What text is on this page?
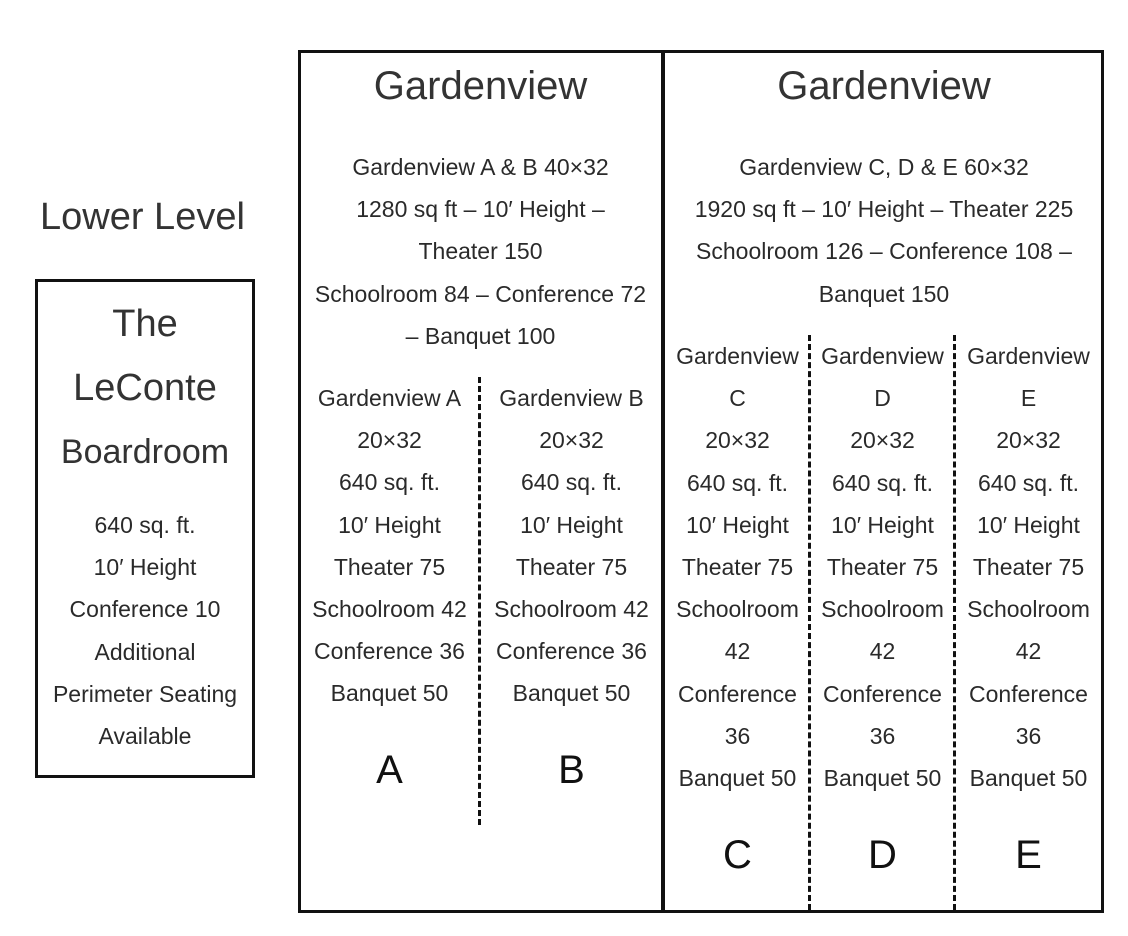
Lower Level
The
LeConte
Boardroom
640 sq. ft.
10′ Height
Conference 10
Additional
Perimeter Seating
Available
Gardenview
Gardenview A & B 40×32
1280 sq ft – 10′ Height –
Theater 150
Schoolroom 84 – Conference 72
– Banquet 100
Gardenview A
20×32
640 sq. ft.
10′ Height
Theater 75
Schoolroom 42
Conference 36
Banquet 50
Gardenview B
20×32
640 sq. ft.
10′ Height
Theater 75
Schoolroom 42
Conference 36
Banquet 50
A	B
Gardenview
Gardenview C, D & E 60×32
1920 sq ft – 10′ Height – Theater 225
Schoolroom 126 – Conference 108 –
Banquet 150
Gardenview
C
20×32
640 sq. ft.
10′ Height
Theater 75
Schoolroom
42
Conference
36
Banquet 50
Gardenview
D
20×32
640 sq. ft.
10′ Height
Theater 75
Schoolroom
42
Conference
36
Banquet 50
Gardenview
E
20×32
640 sq. ft.
10′ Height
Theater 75
Schoolroom
42
Conference
36
Banquet 50
C	D	E
